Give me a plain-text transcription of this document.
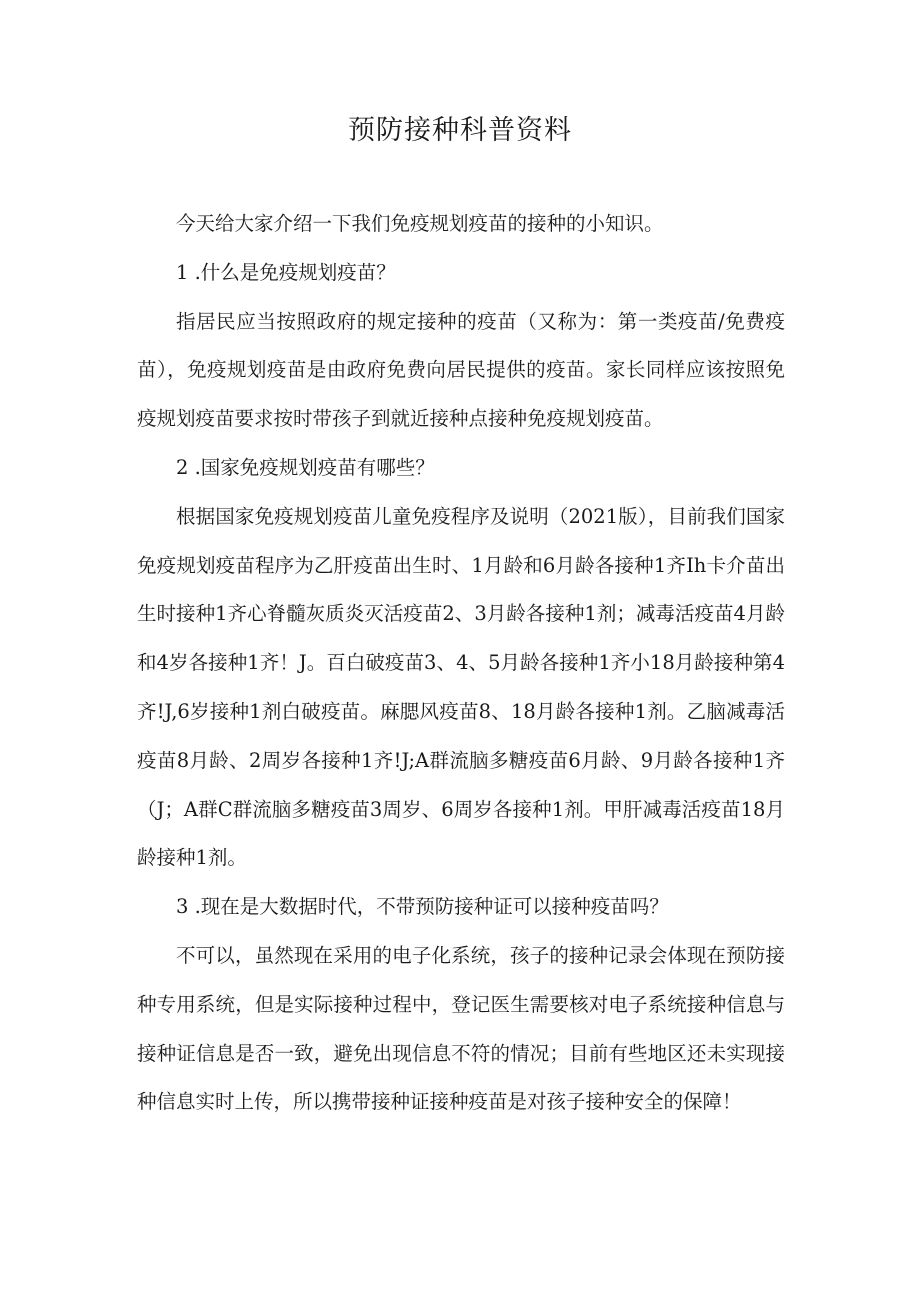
预防接种科普资料

今天给大家介绍一下我们免疫规划疫苗的接种的小知识。

1 .什么是免疫规划疫苗？

指居民应当按照政府的规定接种的疫苗（又称为：第一类疫苗/免费疫苗），免疫规划疫苗是由政府免费向居民提供的疫苗。家长同样应该按照免疫规划疫苗要求按时带孩子到就近接种点接种免疫规划疫苗。

2 .国家免疫规划疫苗有哪些？

根据国家免疫规划疫苗儿童免疫程序及说明（2021版），目前我们国家免疫规划疫苗程序为乙肝疫苗出生时、1月龄和6月龄各接种1齐Ih卡介苗出生时接种1齐心脊髓灰质炎灭活疫苗2、3月龄各接种1剂；减毒活疫苗4月龄和4岁各接种1齐！J。百白破疫苗3、4、5月龄各接种1齐小18月龄接种第4齐!J,6岁接种1剂白破疫苗。麻腮风疫苗8、18月龄各接种1剂。乙脑减毒活疫苗8月龄、2周岁各接种1齐!J;A群流脑多糖疫苗6月龄、9月龄各接种1齐（J；A群C群流脑多糖疫苗3周岁、6周岁各接种1剂。甲肝减毒活疫苗18月龄接种1剂。

3 .现在是大数据时代，不带预防接种证可以接种疫苗吗？

不可以，虽然现在采用的电子化系统，孩子的接种记录会体现在预防接种专用系统，但是实际接种过程中，登记医生需要核对电子系统接种信息与接种证信息是否一致，避免出现信息不符的情况；目前有些地区还未实现接种信息实时上传，所以携带接种证接种疫苗是对孩子接种安全的保障！
